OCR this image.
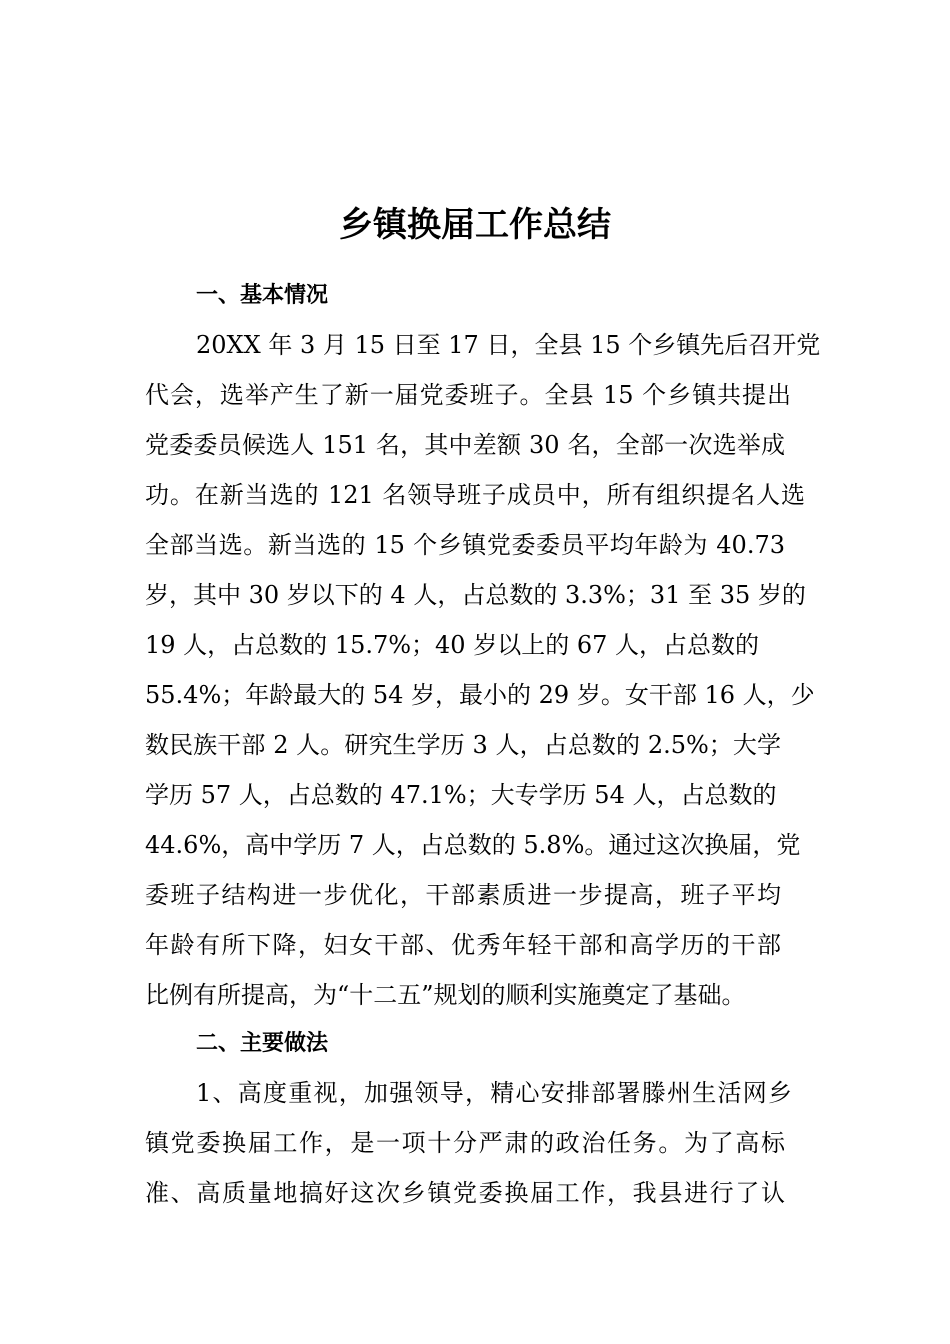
乡镇换届工作总结
一、基本情况

20XX 年 3 月 15 日至 17 日，全县 15 个乡镇先后召开党

代会，选举产生了新一届党委班子。全县 15 个乡镇共提出

党委委员候选人 151 名，其中差额 30 名，全部一次选举成

功。在新当选的 121 名领导班子成员中，所有组织提名人选

全部当选。新当选的 15 个乡镇党委委员平均年龄为 40.73

岁，其中 30 岁以下的 4 人，占总数的 3.3%；31 至 35 岁的

19 人，占总数的 15.7%；40 岁以上的 67 人，占总数的

55.4%；年龄最大的 54 岁，最小的 29 岁。女干部 16 人，少

数民族干部 2 人。研究生学历 3 人，占总数的 2.5%；大学

学历 57 人，占总数的 47.1%；大专学历 54 人，占总数的

44.6%，高中学历 7 人，占总数的 5.8%。通过这次换届，党

委班子结构进一步优化，干部素质进一步提高，班子平均

年龄有所下降，妇女干部、优秀年轻干部和高学历的干部

比例有所提高，为“十二五”规划的顺利实施奠定了基础。

二、主要做法

1、高度重视，加强领导，精心安排部署滕州生活网乡

镇党委换届工作，是一项十分严肃的政治任务。为了高标

准、高质量地搞好这次乡镇党委换届工作，我县进行了认
